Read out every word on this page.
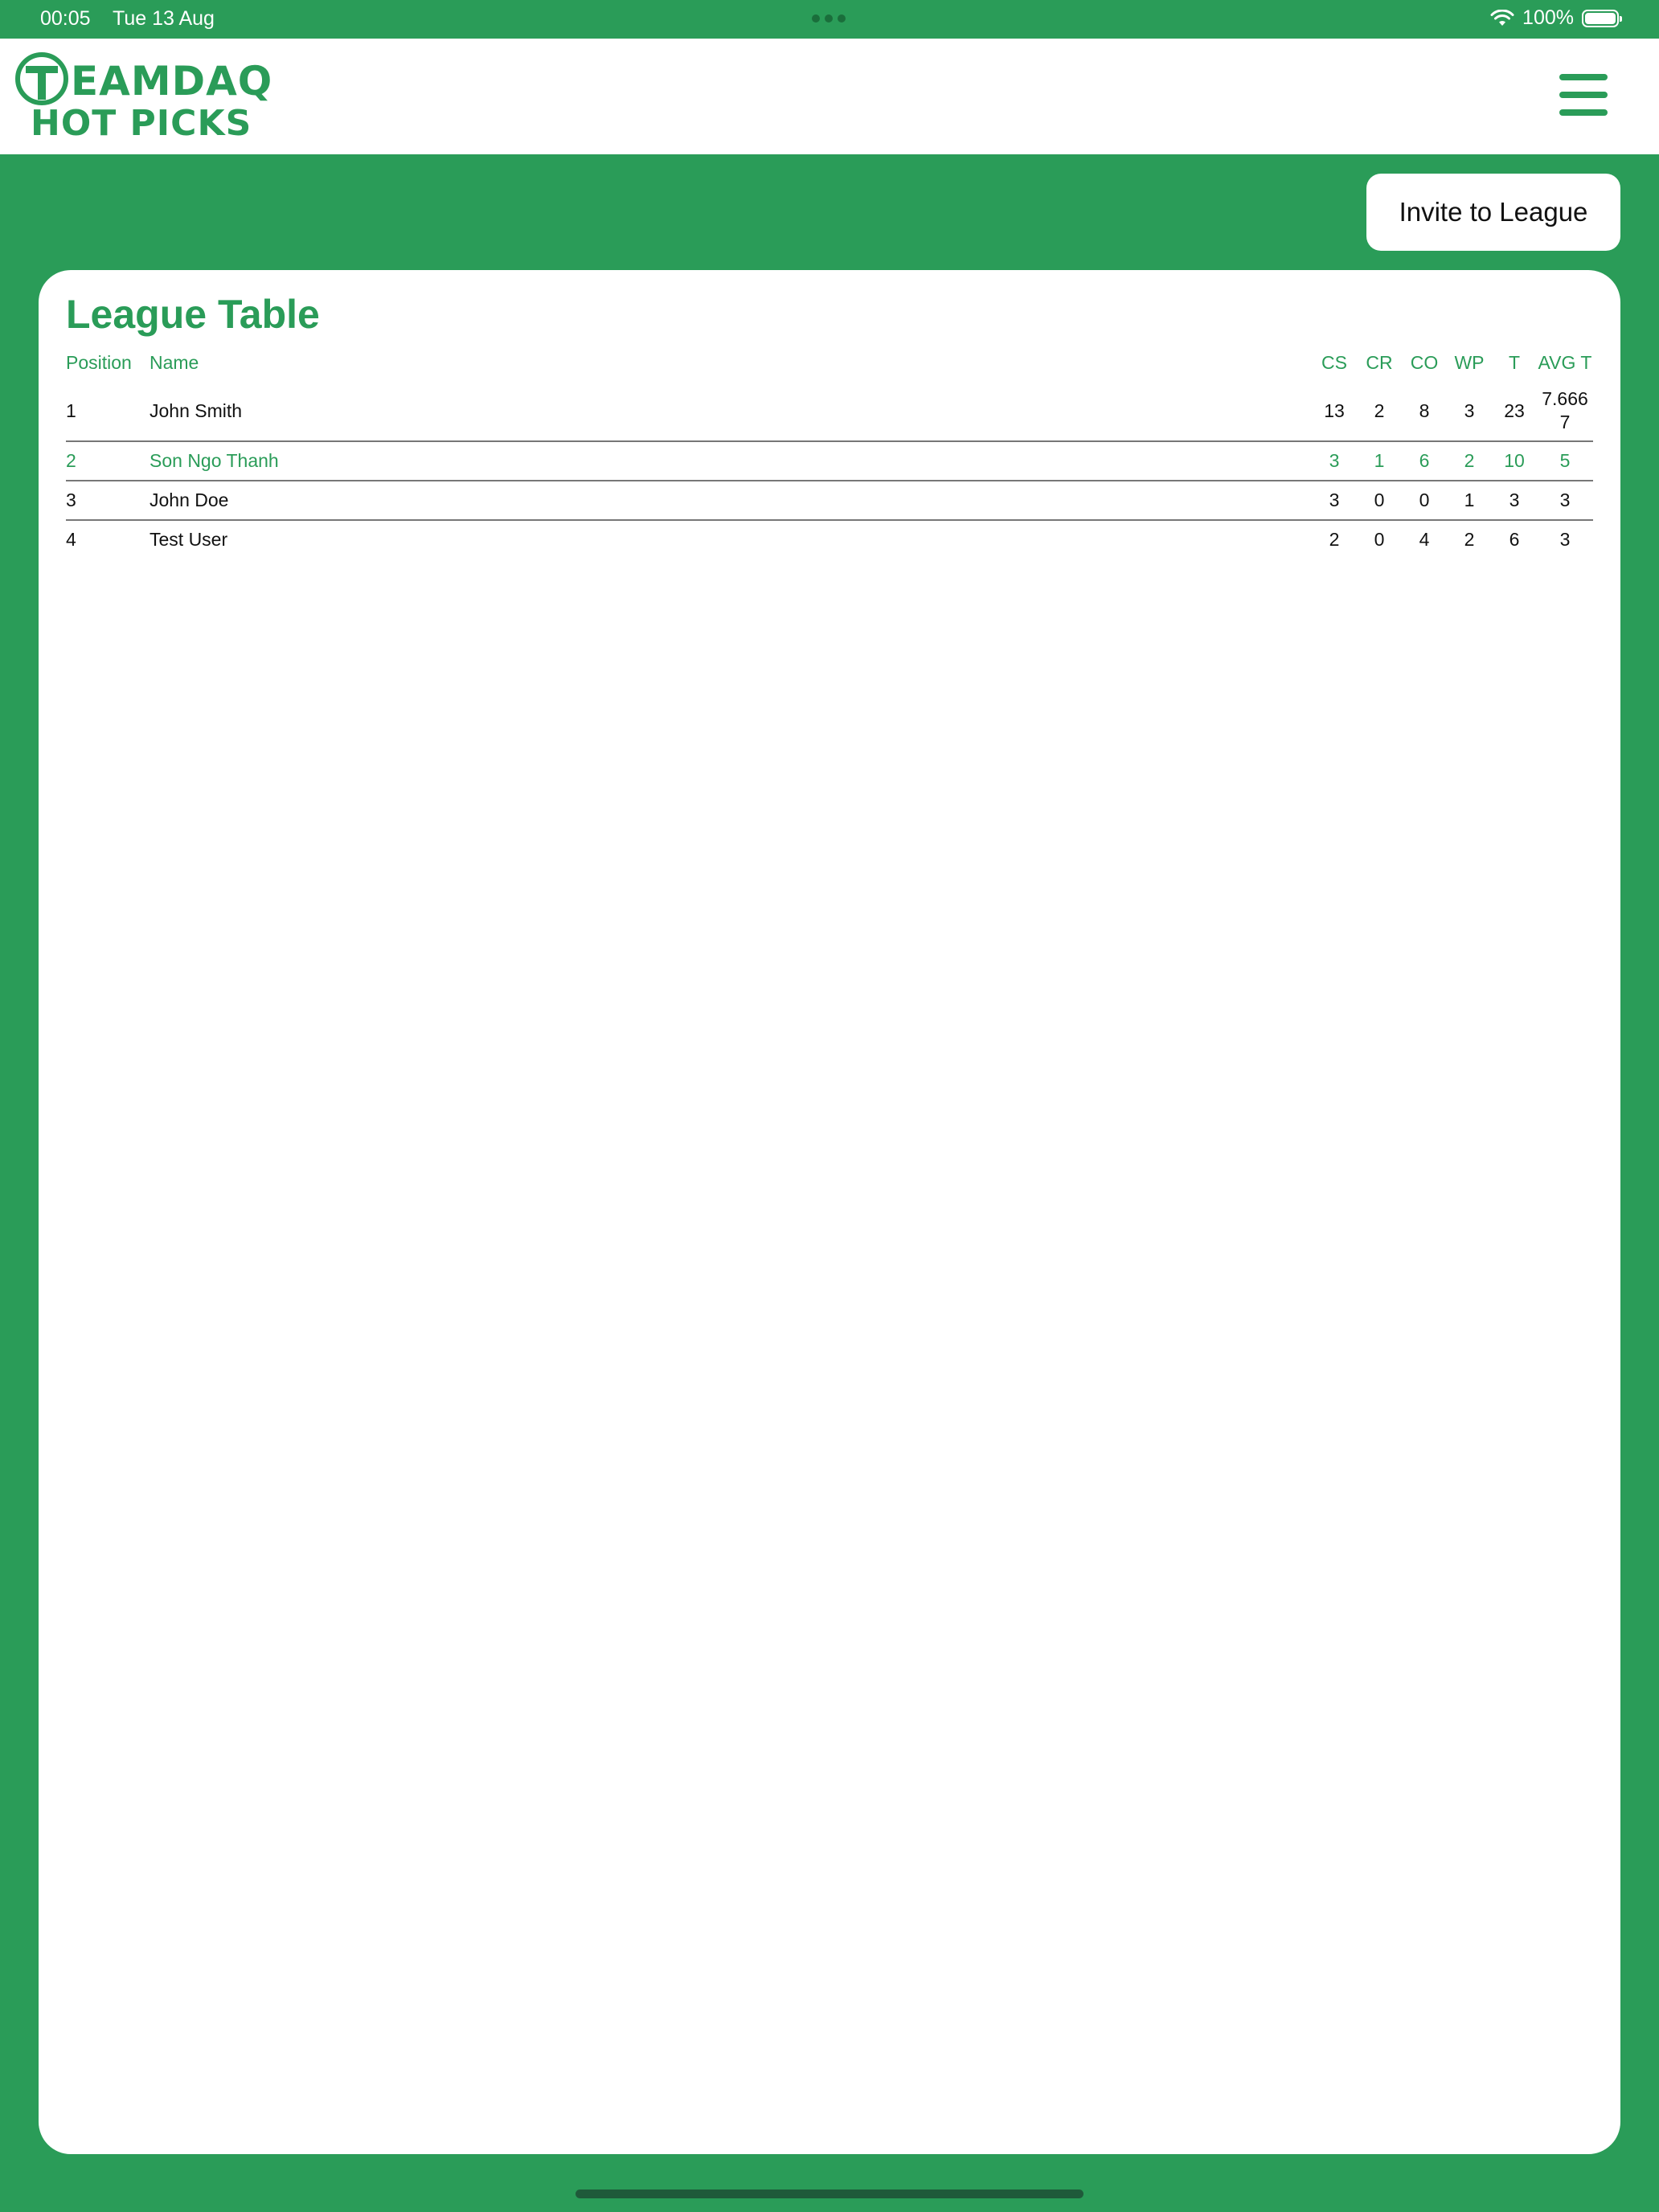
00:05 Tue 13 Aug	100%
EAMDAQ
HOT PICKS
Invite to League
League Table
Position	Name	CS	CR	CO	WP	T	AVG T
1	John Smith	13	2	8	3	23	7.6667
2	Son Ngo Thanh	3	1	6	2	10	5
3	John Doe	3	0	0	1	3	3
4	Test User	2	0	4	2	6	3
